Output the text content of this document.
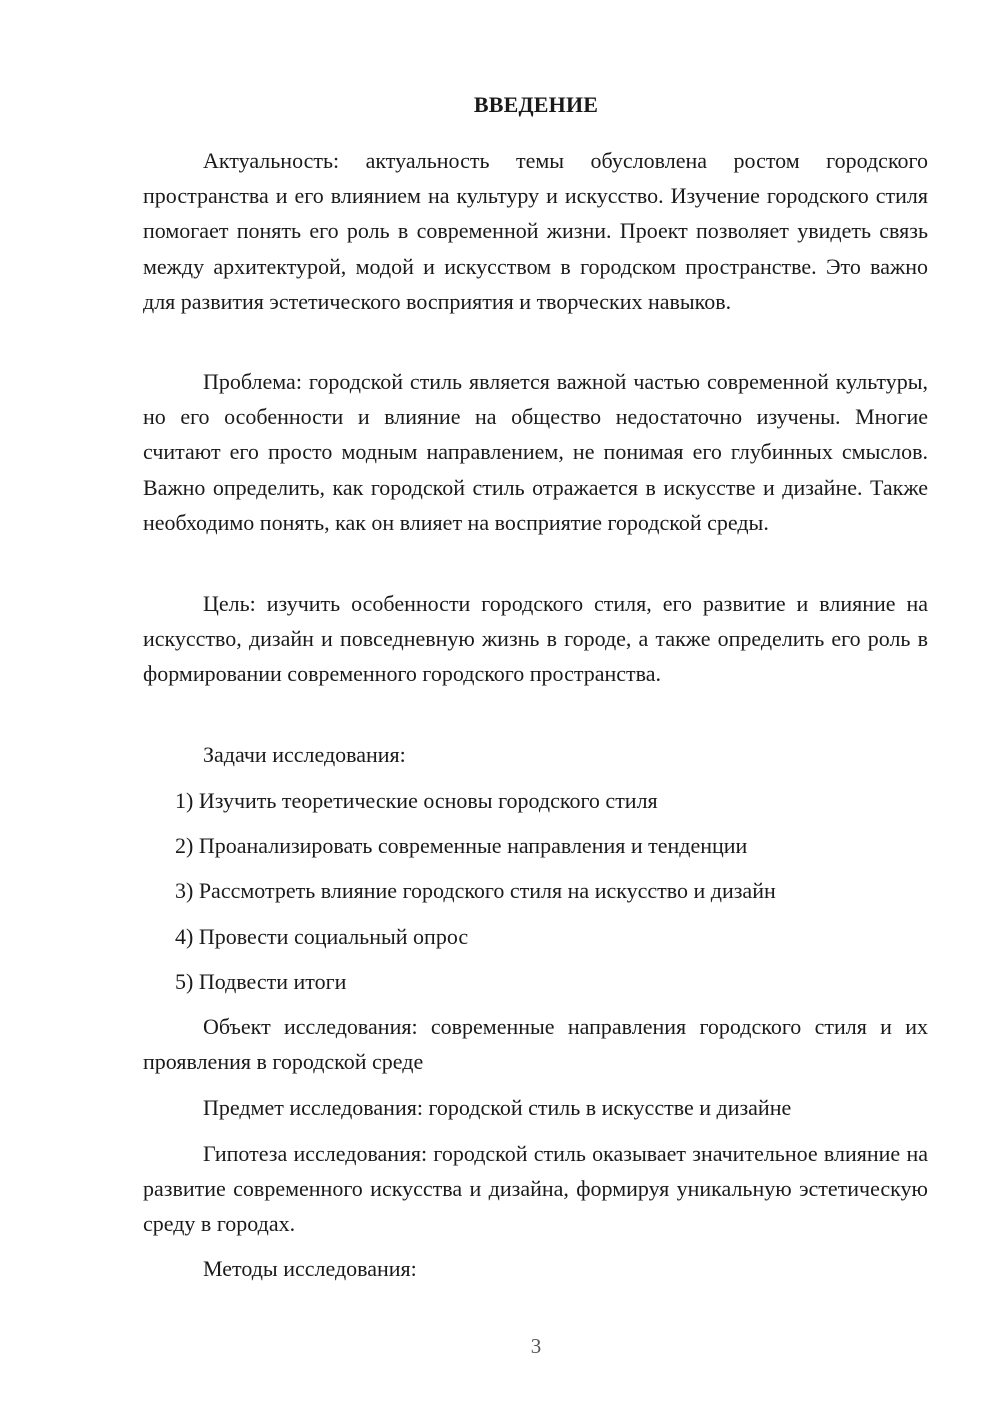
ВВЕДЕНИЕ

Актуальность: актуальность темы обусловлена ростом городского пространства и его влиянием на культуру и искусство. Изучение городского стиля помогает понять его роль в современной жизни. Проект позволяет увидеть связь между архитектурой, модой и искусством в городском пространстве. Это важно для развития эстетического восприятия и творческих навыков.

Проблема: городской стиль является важной частью современной культуры, но его особенности и влияние на общество недостаточно изучены. Многие считают его просто модным направлением, не понимая его глубинных смыслов. Важно определить, как городской стиль отражается в искусстве и дизайне. Также необходимо понять, как он влияет на восприятие городской среды.

Цель: изучить особенности городского стиля, его развитие и влияние на искусство, дизайн и повседневную жизнь в городе, а также определить его роль в формировании современного городского пространства.

Задачи исследования:

1) Изучить теоретические основы городского стиля

2) Проанализировать современные направления и тенденции

3) Рассмотреть влияние городского стиля на искусство и дизайн

4) Провести социальный опрос

5) Подвести итоги

Объект исследования: современные направления городского стиля и их проявления в городской среде

Предмет исследования: городской стиль в искусстве и дизайне

Гипотеза исследования: городской стиль оказывает значительное влияние на развитие современного искусства и дизайна, формируя уникальную эстетическую среду в городах.

Методы исследования:

3
